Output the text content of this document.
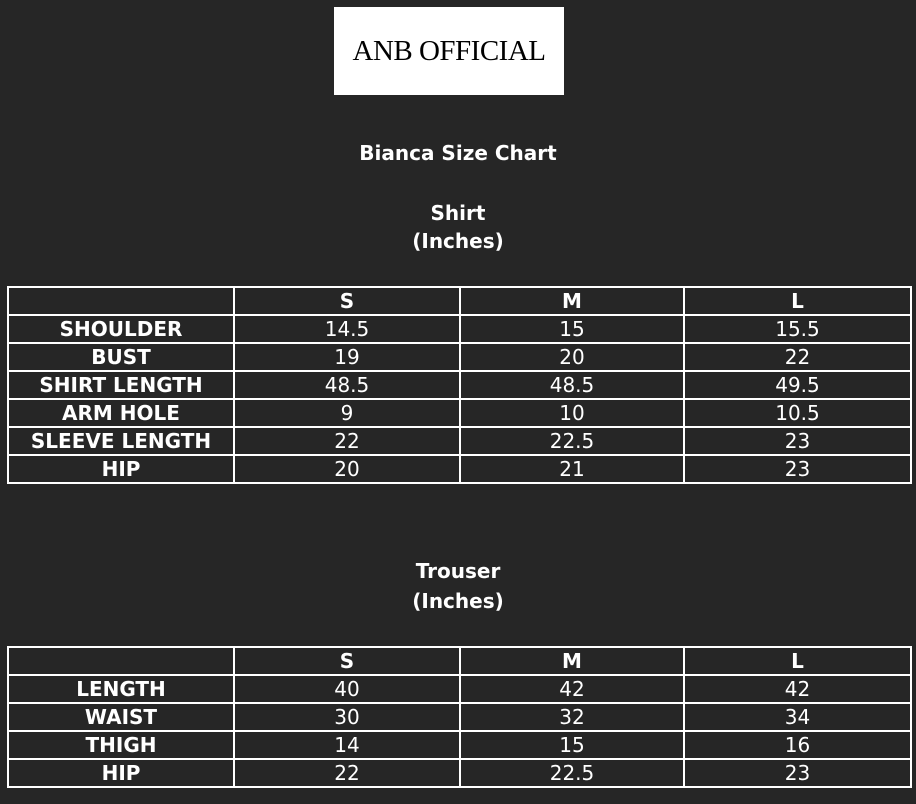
ANB OFFICIAL
Bianca Size Chart
Shirt
(Inches)
	S	M	L
SHOULDER	14.5	15	15.5
BUST	19	20	22
SHIRT LENGTH	48.5	48.5	49.5
ARM HOLE	9	10	10.5
SLEEVE LENGTH	22	22.5	23
HIP	20	21	23
Trouser
(Inches)
	S	M	L
LENGTH	40	42	42
WAIST	30	32	34
THIGH	14	15	16
HIP	22	22.5	23
